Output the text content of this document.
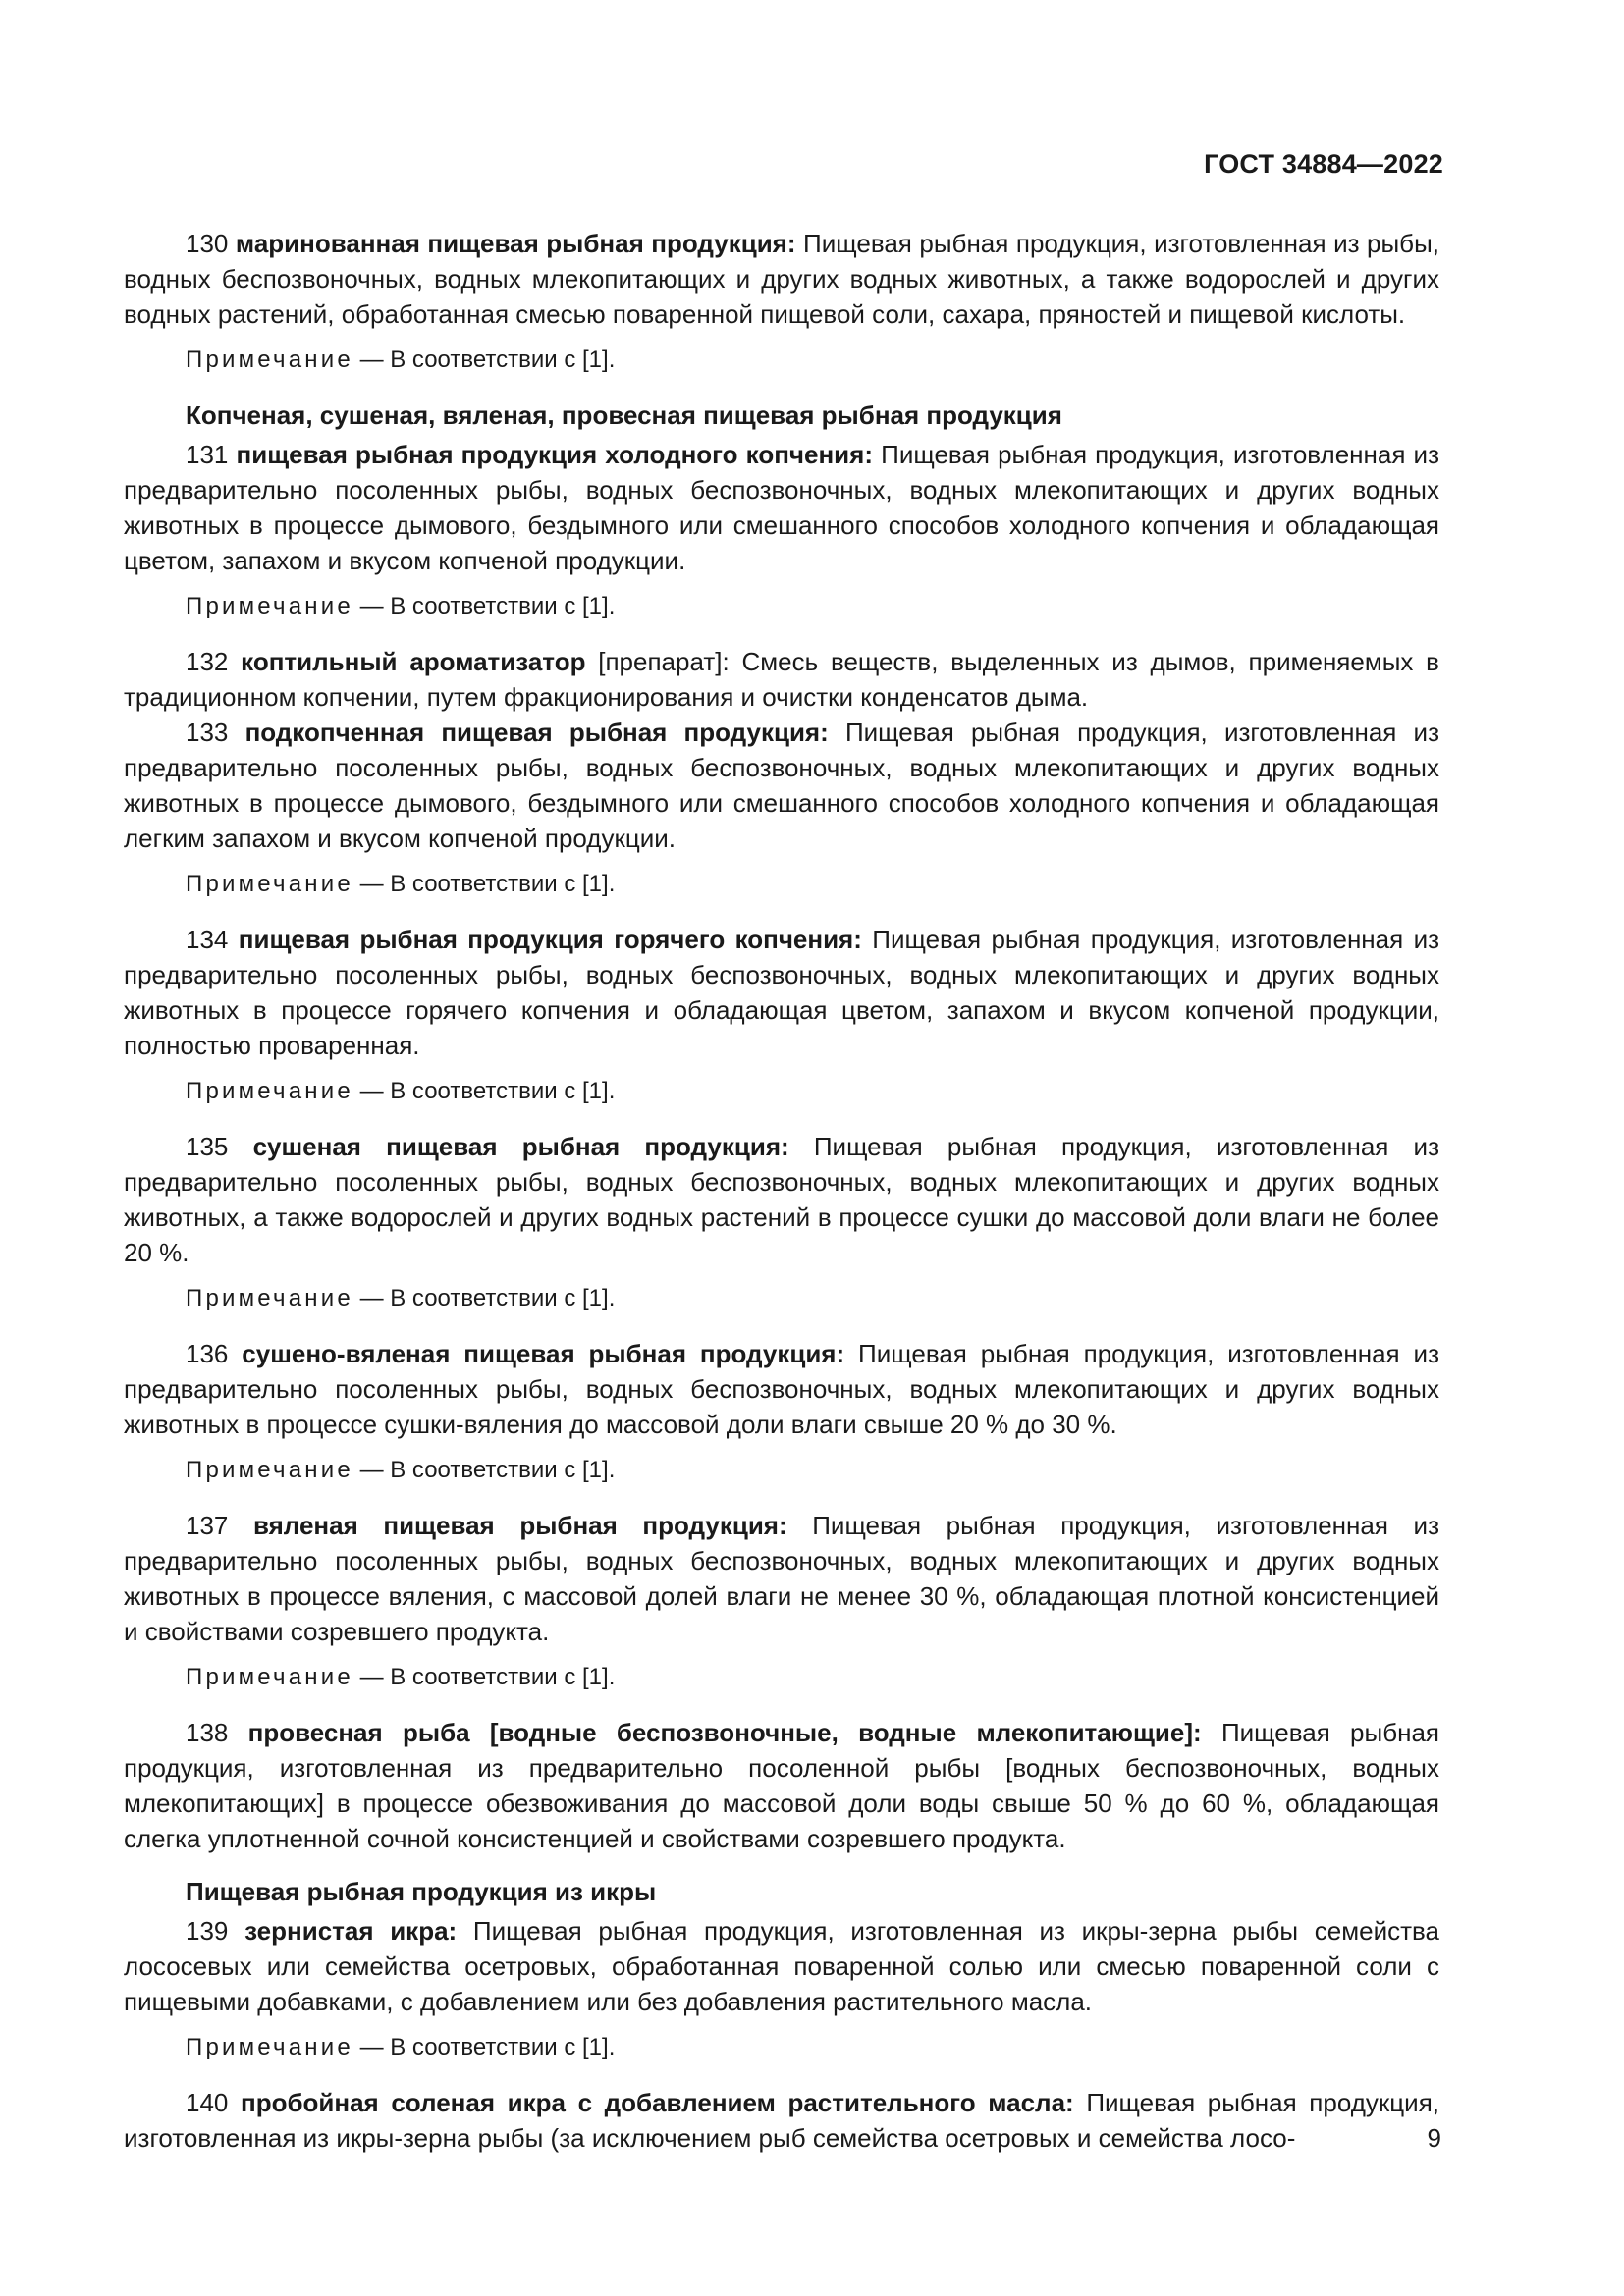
ГОСТ 34884—2022

130 маринованная пищевая рыбная продукция: Пищевая рыбная продукция, изготовленная из рыбы, водных беспозвоночных, водных млекопитающих и других водных животных, а также водорослей и других водных растений, обработанная смесью поваренной пищевой соли, сахара, пряностей и пищевой кислоты.

Примечание — В соответствии с [1].
Копченая, сушеная, вяленая, провесная пищевая рыбная продукция

131 пищевая рыбная продукция холодного копчения: Пищевая рыбная продукция, изготовленная из предварительно посоленных рыбы, водных беспозвоночных, водных млекопитающих и других водных животных в процессе дымового, бездымного или смешанного способов холодного копчения и обладающая цветом, запахом и вкусом копченой продукции.

Примечание — В соответствии с [1].

132 коптильный ароматизатор [препарат]: Смесь веществ, выделенных из дымов, применяемых в традиционном копчении, путем фракционирования и очистки конденсатов дыма.

133 подкопченная пищевая рыбная продукция: Пищевая рыбная продукция, изготовленная из предварительно посоленных рыбы, водных беспозвоночных, водных млекопитающих и других водных животных в процессе дымового, бездымного или смешанного способов холодного копчения и обладающая легким запахом и вкусом копченой продукции.

Примечание — В соответствии с [1].

134 пищевая рыбная продукция горячего копчения: Пищевая рыбная продукция, изготовленная из предварительно посоленных рыбы, водных беспозвоночных, водных млекопитающих и других водных животных в процессе горячего копчения и обладающая цветом, запахом и вкусом копченой продукции, полностью проваренная.

Примечание — В соответствии с [1].

135 сушеная пищевая рыбная продукция: Пищевая рыбная продукция, изготовленная из предварительно посоленных рыбы, водных беспозвоночных, водных млекопитающих и других водных животных, а также водорослей и других водных растений в процессе сушки до массовой доли влаги не более 20 %.

Примечание — В соответствии с [1].

136 сушено-вяленая пищевая рыбная продукция: Пищевая рыбная продукция, изготовленная из предварительно посоленных рыбы, водных беспозвоночных, водных млекопитающих и других водных животных в процессе сушки-вяления до массовой доли влаги свыше 20 % до 30 %.

Примечание — В соответствии с [1].

137 вяленая пищевая рыбная продукция: Пищевая рыбная продукция, изготовленная из предварительно посоленных рыбы, водных беспозвоночных, водных млекопитающих и других водных животных в процессе вяления, с массовой долей влаги не менее 30 %, обладающая плотной консистенцией и свойствами созревшего продукта.

Примечание — В соответствии с [1].

138 провесная рыба [водные беспозвоночные, водные млекопитающие]: Пищевая рыбная продукция, изготовленная из предварительно посоленной рыбы [водных беспозвоночных, водных млекопитающих] в процессе обезвоживания до массовой доли воды свыше 50 % до 60 %, обладающая слегка уплотненной сочной консистенцией и свойствами созревшего продукта.

Пищевая рыбная продукция из икры

139 зернистая икра: Пищевая рыбная продукция, изготовленная из икры-зерна рыбы семейства лососевых или семейства осетровых, обработанная поваренной солью или смесью поваренной соли с пищевыми добавками, с добавлением или без добавления растительного масла.

Примечание — В соответствии с [1].

140 пробойная соленая икра с добавлением растительного масла: Пищевая рыбная продукция, изготовленная из икры-зерна рыбы (за исключением рыб семейства осетровых и семейства лосо-	9
